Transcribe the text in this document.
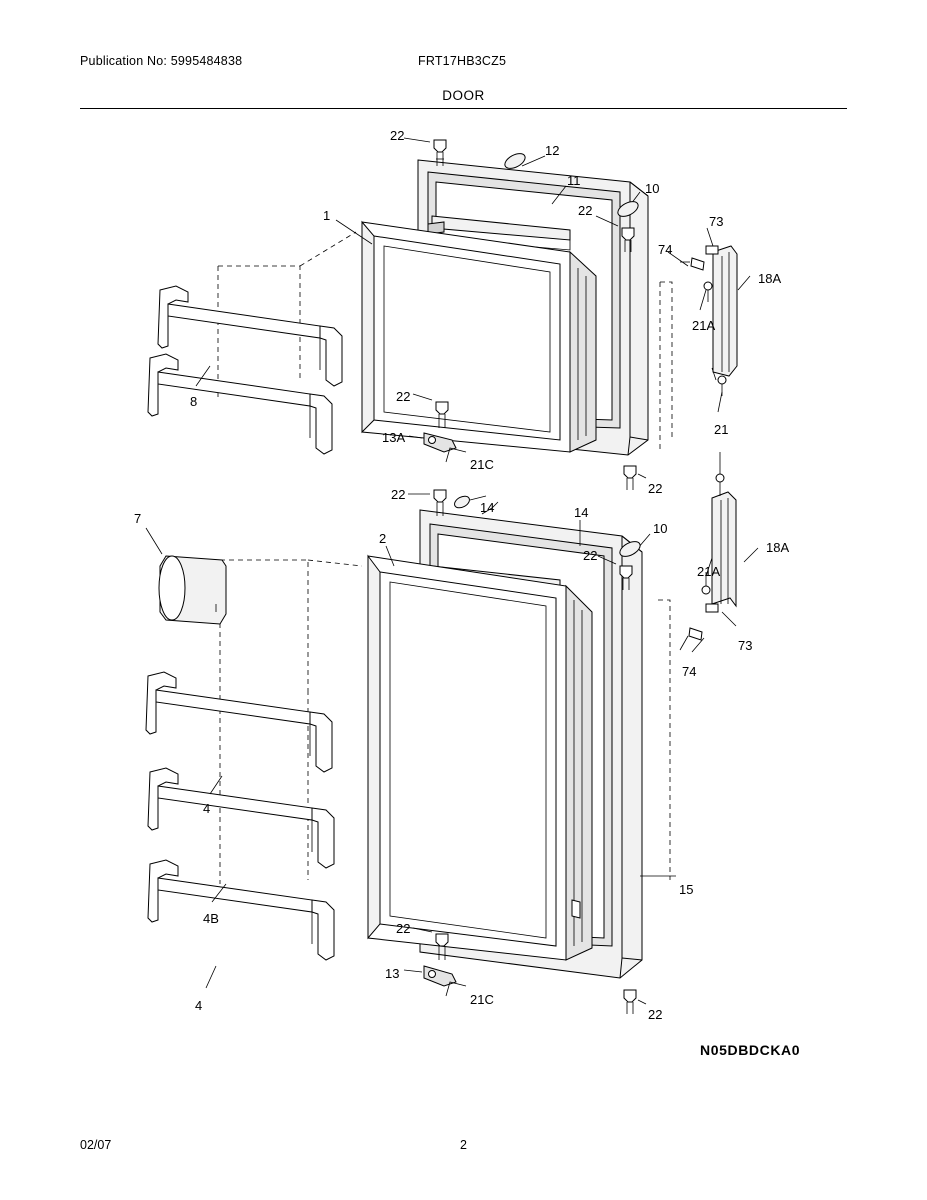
Publication No: 5995484838	FRT17HB3CZ5
DOOR
22
12
11
22
10
73
74
18A
1
21A
21
8	22
13A
21C
22
22
14	14
10
7
2
22
18A
21A
73
74
4
15
4B
22
13
4	21C
22
N05DBDCKA0
02/07	2
